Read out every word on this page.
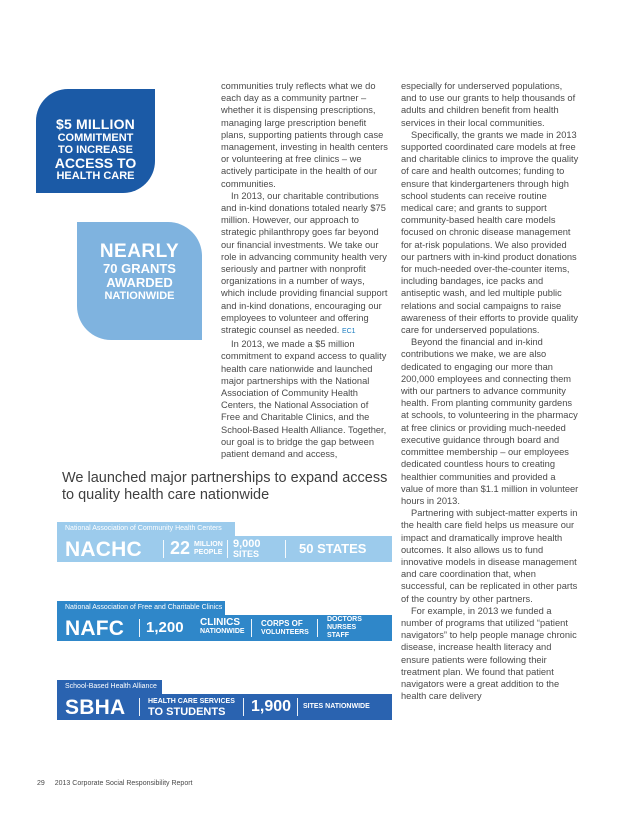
$5 MILLION
COMMITMENT
TO INCREASE
ACCESS TO
HEALTH CARE
NEARLY
70 GRANTS
AWARDED
NATIONWIDE

communities truly reflects what we do each day as a community partner – whether it is dispensing prescriptions, managing large prescription benefit plans, supporting patients through case management, investing in health centers or volunteering at free clinics – we actively participate in the health of our communities.

In 2013, our charitable contributions and in-kind donations totaled nearly $75 million. However, our approach to strategic philanthropy goes far beyond our financial investments. We take our role in advancing community health very seriously and partner with nonprofit organizations in a number of ways, which include providing financial support and in-kind donations, encouraging our employees to volunteer and offering strategic counsel as needed. EC1

In 2013, we made a $5 million commitment to expand access to quality health care nationwide and launched major partnerships with the National Association of Community Health Centers, the National Association of Free and Charitable Clinics, and the School-Based Health Alliance. Together, our goal is to bridge the gap between patient demand and access,

especially for underserved populations, and to use our grants to help thousands of adults and children benefit from health services in their local communities.

Specifically, the grants we made in 2013 supported coordinated care models at free and charitable clinics to improve the quality of care and health outcomes; funding to ensure that kindergarteners through high school students can receive routine medical care; and grants to support community-based health care models focused on chronic disease management for at-risk populations. We also provided our partners with in-kind product donations for much-needed over-the-counter items, including bandages, ice packs and antiseptic wash, and led multiple public relations and social campaigns to raise awareness of their efforts to provide quality care for underserved populations.

Beyond the financial and in-kind contributions we make, we are also dedicated to engaging our more than 200,000 employees and connecting them with our partners to advance community health. From planting community gardens at schools, to volunteering in the pharmacy at free clinics or providing much-needed executive guidance through board and committee membership – our employees dedicated countless hours to creating healthier communities and provided a value of more than $1.1 million in volunteer hours in 2013.

Partnering with subject-matter experts in the health care field helps us measure our impact and dramatically improve health outcomes. It also allows us to fund innovative models in disease management and care coordination that, when successful, can be replicated in other parts of the country by other partners.

For example, in 2013 we funded a number of programs that utilized “patient navigators” to help people manage chronic disease, increase health literacy and ensure patients were following their treatment plan. We found that patient navigators were a great addition to the health care delivery

We launched major partnerships to expand access to quality health care nationwide
National Association of Community Health Centers
NACHC 22 MILLION
PEOPLE
9,000
SITES	50 STATES
National Association of Free and Charitable Clinics
NAFC 1,200 CLINICS
NATIONWIDE
CORPS OF
VOLUNTEERS
DOCTORS
NURSES
STAFF
School-Based Health Alliance
SBHA	HEALTH CARE SERVICES
TO STUDENTS	1,900 SITES NATIONWIDE
29 2013 Corporate Social Responsibility Report
